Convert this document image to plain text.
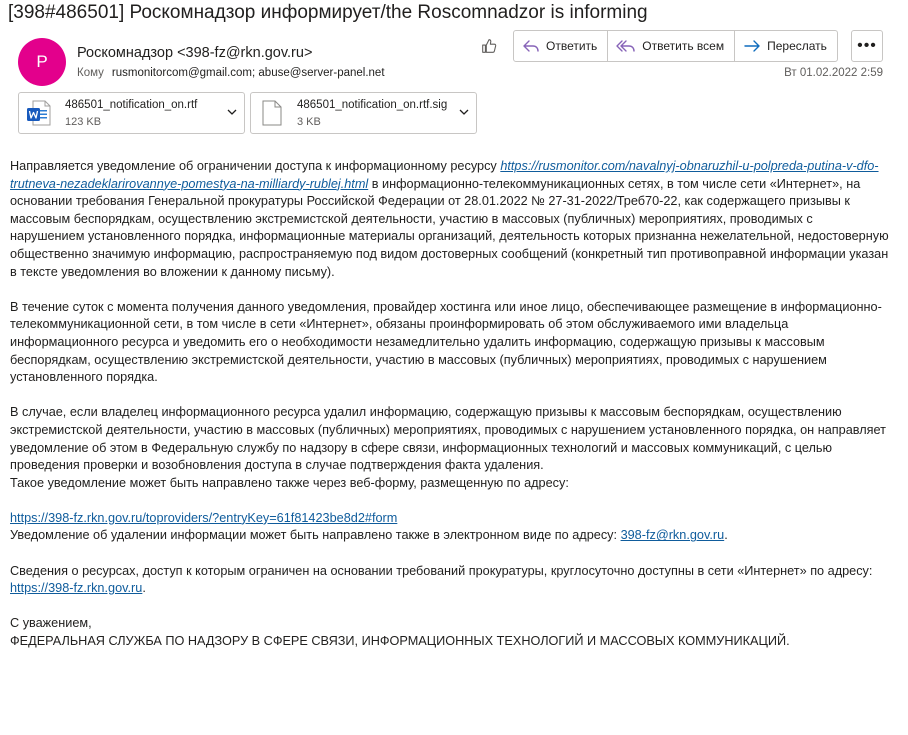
[398#486501] Роскомнадзор информирует/the Roscomnadzor is informing
Р Роскомнадзор <398-fz@rkn.gov.ru>
Кому rusmonitorcom@gmail.com; abuse@server-panel.net
Ответить	Ответить всем	Переслать •••
Вт 01.02.2022 2:59
486501_notification_on.rtf
123 KB
486501_notification_on.rtf.sig
3 KB

Направляется уведомление об ограничении доступа к информационному ресурсу https://rusmonitor.com/navalnyj-obnaruzhil-u-polpreda-putina-v-dfo-trutneva-nezadeklarirovannye-pomestya-na-milliardy-rublej.html в информационно-телекоммуникационных сетях, в том числе сети «Интернет», на основании требования Генеральной прокуратуры Российской Федерации от 28.01.2022 № 27-31-2022/Треб70-22, как содержащего призывы к массовым беспорядкам, осуществлению экстремистской деятельности, участию в массовых (публичных) мероприятиях, проводимых с нарушением установленного порядка, информационные материалы организаций, деятельность которых признанна нежелательной, недостоверную общественно значимую информацию, распространяемую под видом достоверных сообщений (конкретный тип противоправной информации указан в тексте уведомления во вложении к данному письму).

В течение суток с момента получения данного уведомления, провайдер хостинга или иное лицо, обеспечивающее размещение в информационно-телекоммуникационной сети, в том числе в сети «Интернет», обязаны проинформировать об этом обслуживаемого ими владельца информационного ресурса и уведомить его о необходимости незамедлительно удалить информацию, содержащую призывы к массовым беспорядкам, осуществлению экстремистской деятельности, участию в массовых (публичных) мероприятиях, проводимых с нарушением установленного порядка.

В случае, если владелец информационного ресурса удалил информацию, содержащую призывы к массовым беспорядкам, осуществлению экстремистской деятельности, участию в массовых (публичных) мероприятиях, проводимых с нарушением установленного порядка, он направляет уведомление об этом в Федеральную службу по надзору в сфере связи, информационных технологий и массовых коммуникаций, с целью проведения проверки и возобновления доступа в случае подтверждения факта удаления.

Такое уведомление может быть направлено также через веб-форму, размещенную по адресу:

https://398-fz.rkn.gov.ru/toproviders/?entryKey=61f81423be8d2#form

Уведомление об удалении информации может быть направлено также в электронном виде по адресу: 398-fz@rkn.gov.ru.

Сведения о ресурсах, доступ к которым ограничен на основании требований прокуратуры, круглосуточно доступны в сети «Интернет» по адресу:

https://398-fz.rkn.gov.ru.

С уважением,

ФЕДЕРАЛЬНАЯ СЛУЖБА ПО НАДЗОРУ В СФЕРЕ СВЯЗИ, ИНФОРМАЦИОННЫХ ТЕХНОЛОГИЙ И МАССОВЫХ КОММУНИКАЦИЙ.
